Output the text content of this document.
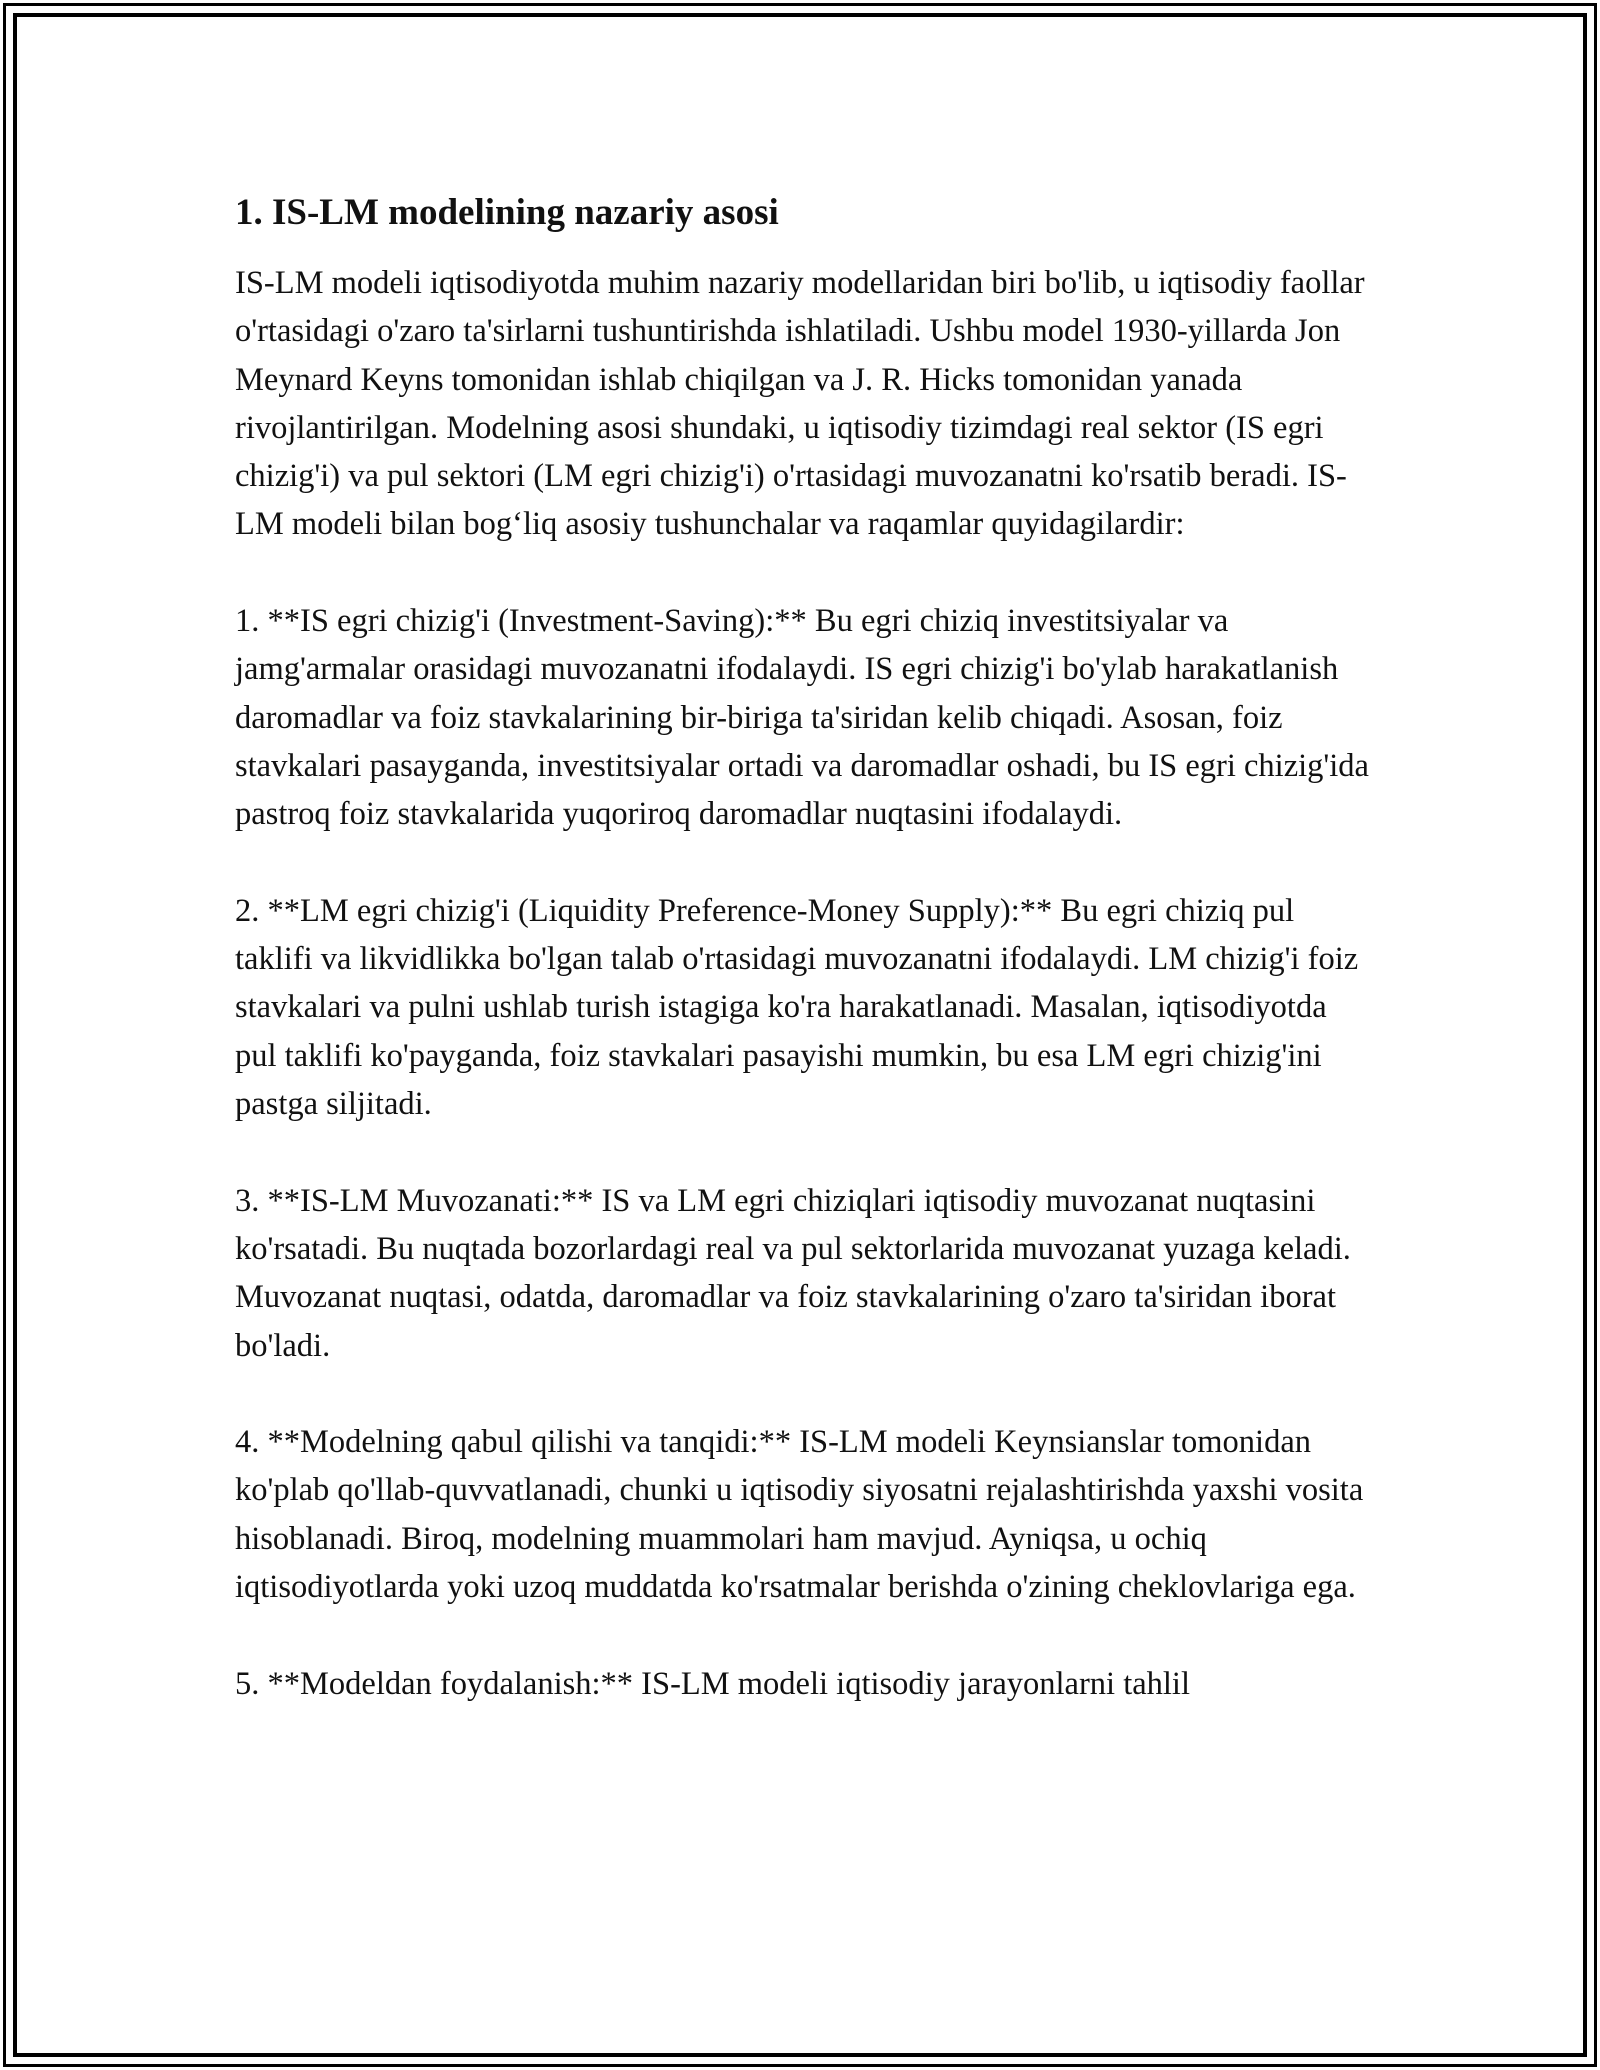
1. IS-LM modelining nazariy asosi

IS-LM modeli iqtisodiyotda muhim nazariy modellaridan biri bo'lib, u iqtisodiy faollar o'rtasidagi o'zaro ta'sirlarni tushuntirishda ishlatiladi. Ushbu model 1930-yillarda Jon Meynard Keyns tomonidan ishlab chiqilgan va J. R. Hicks tomonidan yanada rivojlantirilgan. Modelning asosi shundaki, u iqtisodiy tizimdagi real sektor (IS egri chizig'i) va pul sektori (LM egri chizig'i) o'rtasidagi muvozanatni ko'rsatib beradi. IS-LM modeli bilan bog‘liq asosiy tushunchalar va raqamlar quyidagilardir:

1. **IS egri chizig'i (Investment-Saving):** Bu egri chiziq investitsiyalar va jamg'armalar orasidagi muvozanatni ifodalaydi. IS egri chizig'i bo'ylab harakatlanish daromadlar va foiz stavkalarining bir-biriga ta'siridan kelib chiqadi. Asosan, foiz stavkalari pasayganda, investitsiyalar ortadi va daromadlar oshadi, bu IS egri chizig'ida pastroq foiz stavkalarida yuqoriroq daromadlar nuqtasini ifodalaydi.

2. **LM egri chizig'i (Liquidity Preference-Money Supply):** Bu egri chiziq pul taklifi va likvidlikka bo'lgan talab o'rtasidagi muvozanatni ifodalaydi. LM chizig'i foiz stavkalari va pulni ushlab turish istagiga ko'ra harakatlanadi. Masalan, iqtisodiyotda pul taklifi ko'payganda, foiz stavkalari pasayishi mumkin, bu esa LM egri chizig'ini pastga siljitadi.

3. **IS-LM Muvozanati:** IS va LM egri chiziqlari iqtisodiy muvozanat nuqtasini ko'rsatadi. Bu nuqtada bozorlardagi real va pul sektorlarida muvozanat yuzaga keladi. Muvozanat nuqtasi, odatda, daromadlar va foiz stavkalarining o'zaro ta'siridan iborat bo'ladi.

4. **Modelning qabul qilishi va tanqidi:** IS-LM modeli Keynsianslar tomonidan ko'plab qo'llab-quvvatlanadi, chunki u iqtisodiy siyosatni rejalashtirishda yaxshi vosita hisoblanadi. Biroq, modelning muammolari ham mavjud. Ayniqsa, u ochiq iqtisodiyotlarda yoki uzoq muddatda ko'rsatmalar berishda o'zining cheklovlariga ega.

5. **Modeldan foydalanish:** IS-LM modeli iqtisodiy jarayonlarni tahlil
